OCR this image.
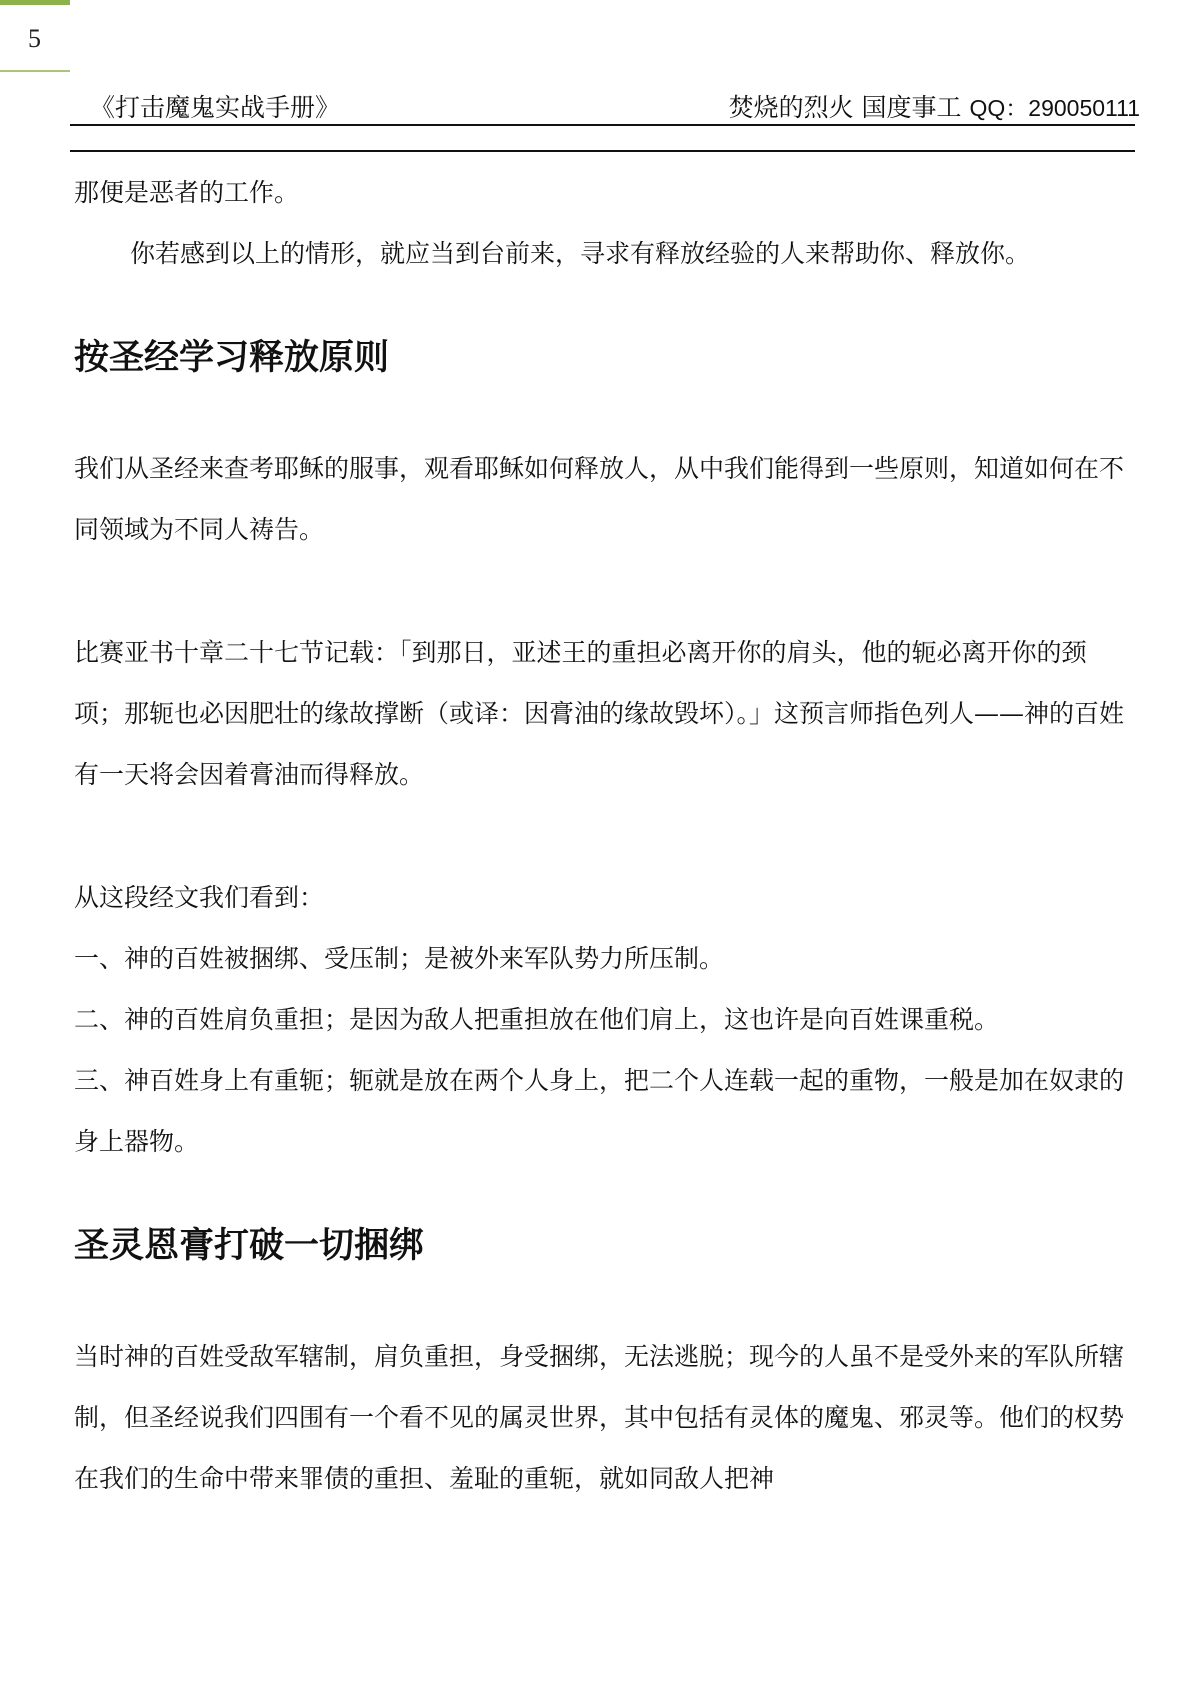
5
《打击魔鬼实战手册》	焚烧的烈火 国度事工 QQ：290050111

那便是恶者的工作。

你若感到以上的情形，就应当到台前来，寻求有释放经验的人来帮助你、释放你。

按圣经学习释放原则

我们从圣经来查考耶稣的服事，观看耶稣如何释放人，从中我们能得到一些原则，知道如何在不同领域为不同人祷告。

比赛亚书十章二十七节记载：「到那日，亚述王的重担必离开你的肩头，他的轭必离开你的颈项；那轭也必因肥壮的缘故撑断（或译：因膏油的缘故毁坏）。」这预言师指色列人——神的百姓有一天将会因着膏油而得释放。

从这段经文我们看到：

一、神的百姓被捆绑、受压制；是被外来军队势力所压制。

二、神的百姓肩负重担；是因为敌人把重担放在他们肩上，这也许是向百姓课重税。

三、神百姓身上有重轭；轭就是放在两个人身上，把二个人连载一起的重物，一般是加在奴隶的身上器物。

圣灵恩膏打破一切捆绑

当时神的百姓受敌军辖制，肩负重担，身受捆绑，无法逃脱；现今的人虽不是受外来的军队所辖制，但圣经说我们四围有一个看不见的属灵世界，其中包括有灵体的魔鬼、邪灵等。他们的权势在我们的生命中带来罪债的重担、羞耻的重轭，就如同敌人把神
